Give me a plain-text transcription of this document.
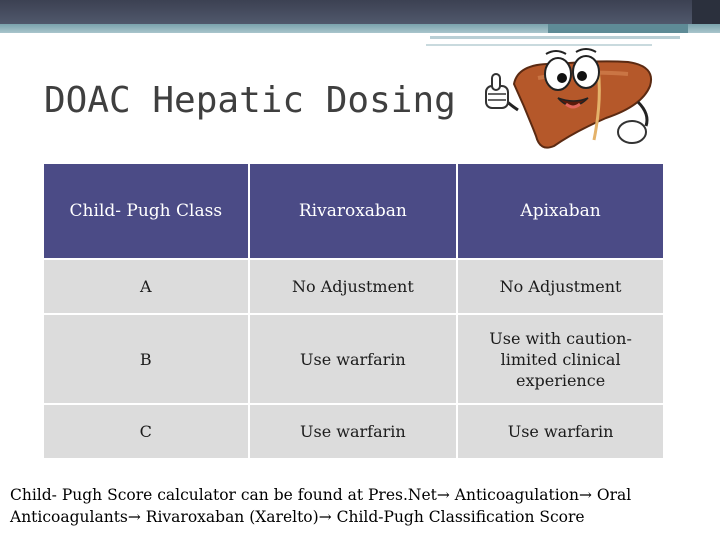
DOAC Hepatic Dosing
Child- Pugh Class	Rivaroxaban	Apixaban
A	No Adjustment	No Adjustment
B	Use warfarin	Use with caution- limited clinical experience
C	Use warfarin	Use warfarin
Child- Pugh Score calculator can be found at Pres.Net→ Anticoagulation→ Oral Anticoagulants→ Rivaroxaban (Xarelto)→ Child-Pugh Classification Score
